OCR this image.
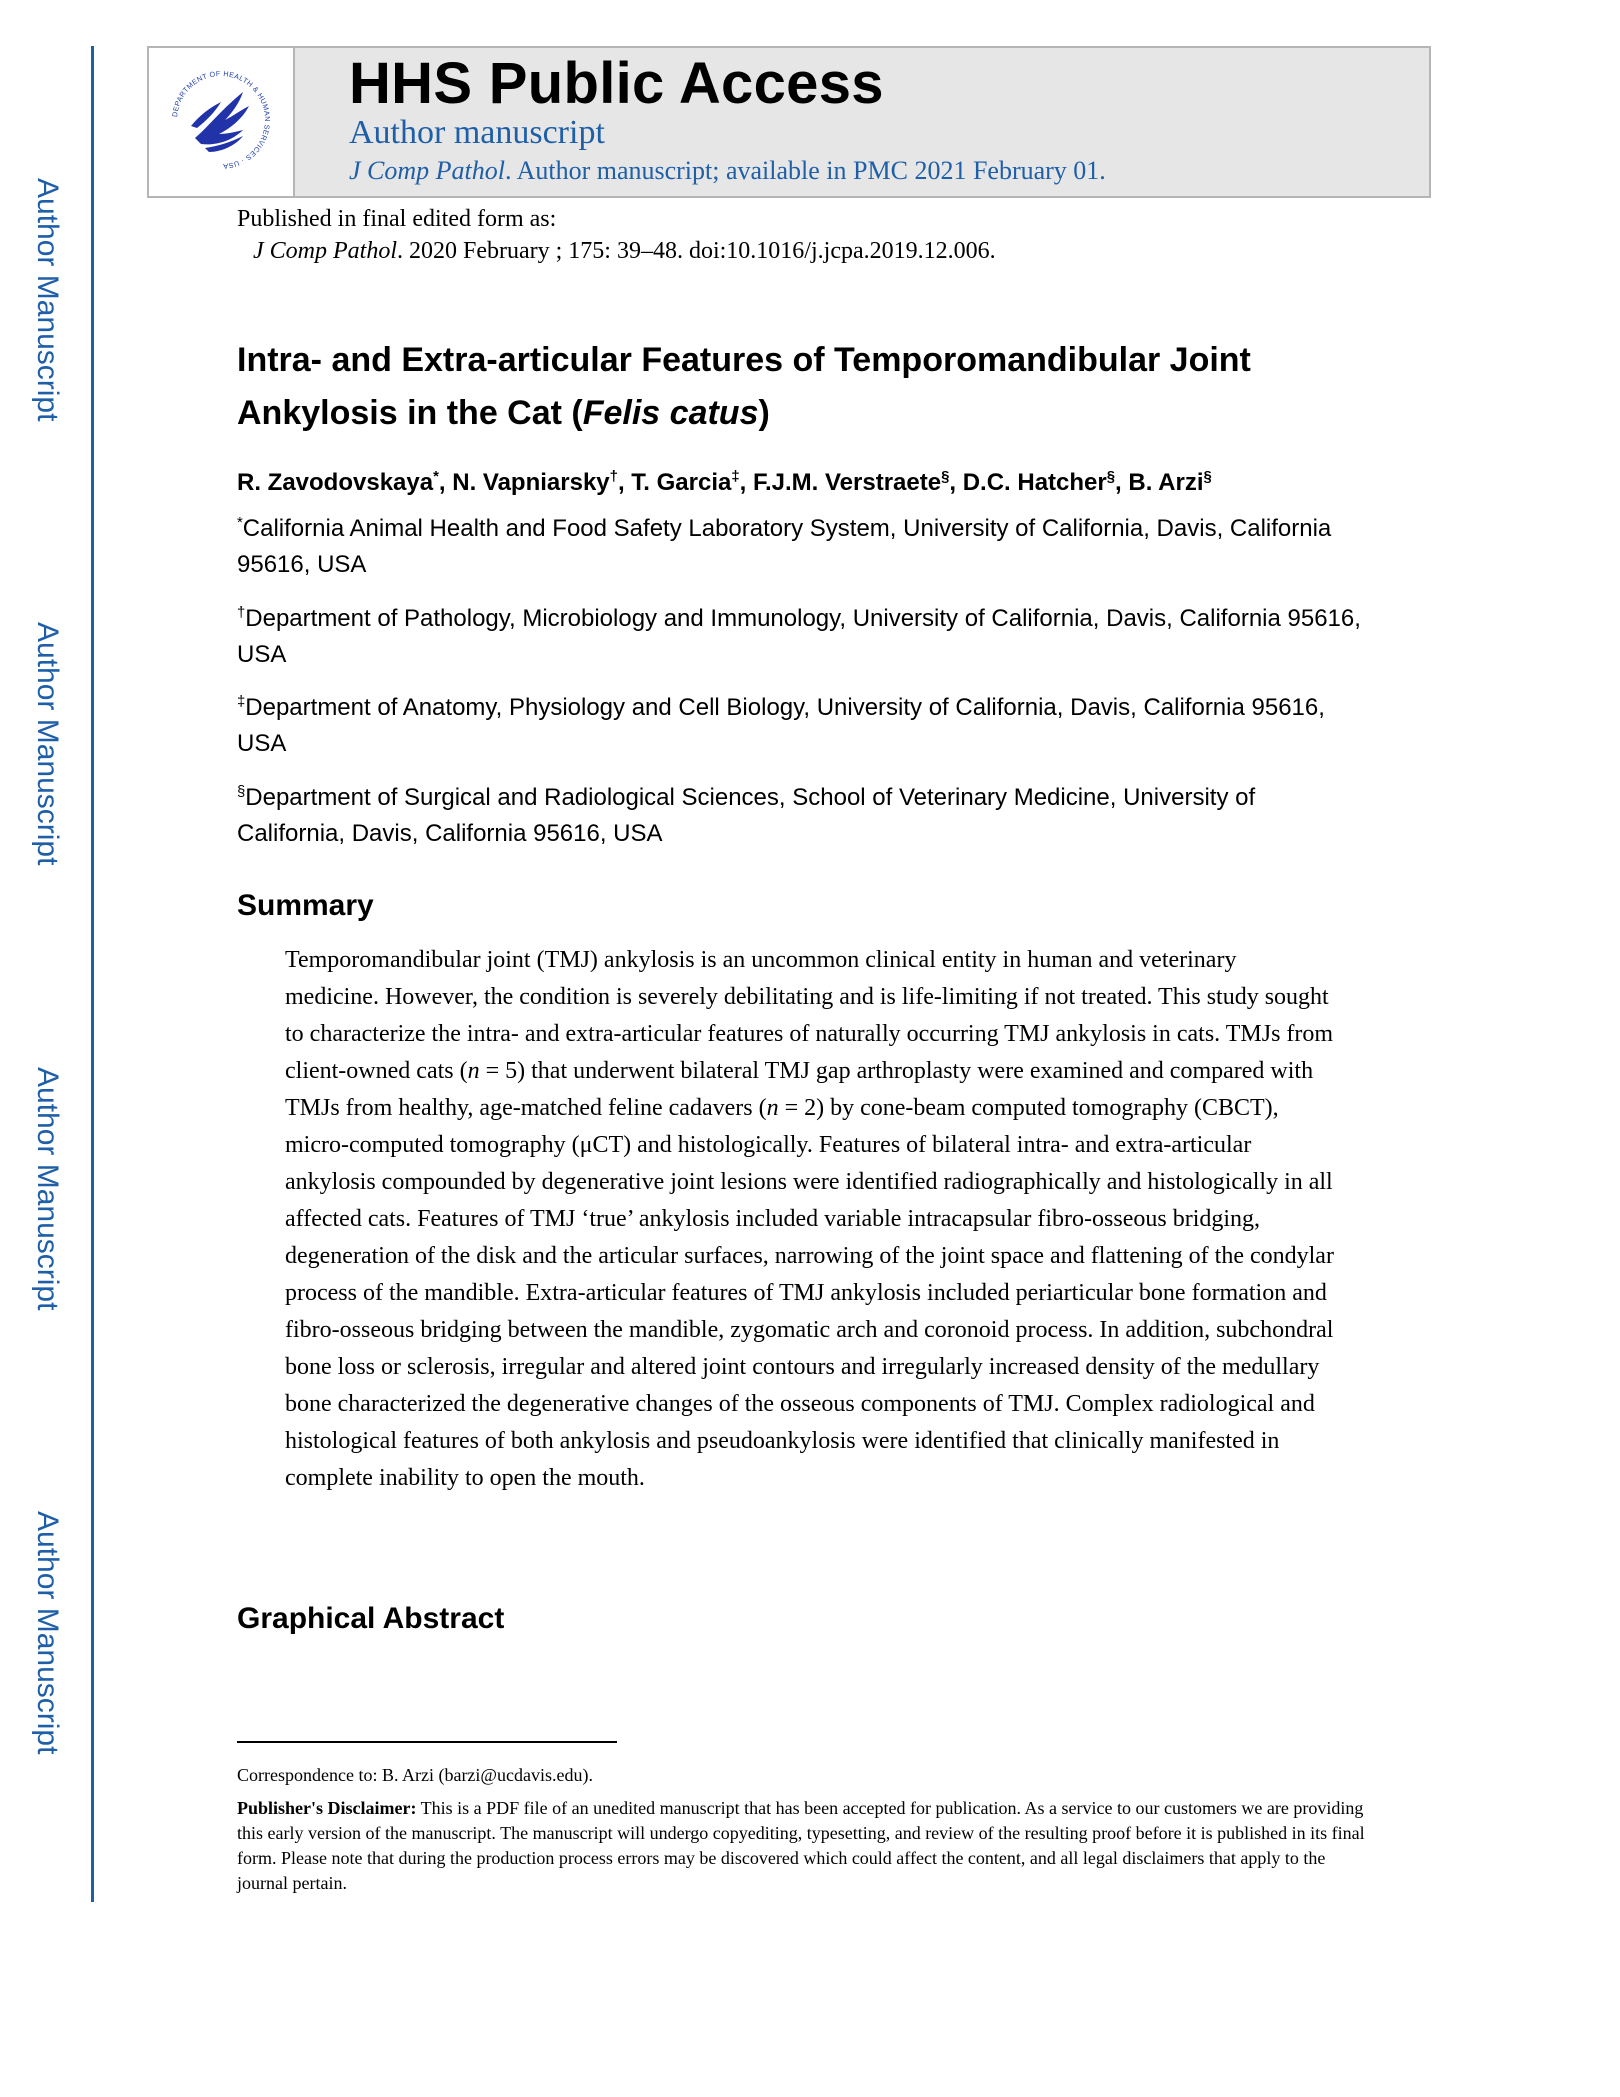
Author Manuscript
Author Manuscript
Author Manuscript
Author Manuscript
DEPARTMENT OF HEALTH & HUMAN SERVICES · USA
HHS Public Access
Author manuscript
J Comp Pathol. Author manuscript; available in PMC 2021 February 01.
Published in final edited form as:
J Comp Pathol. 2020 February ; 175: 39–48. doi:10.1016/j.jcpa.2019.12.006.
Intra- and Extra-articular Features of Temporomandibular Joint Ankylosis in the Cat (Felis catus)
R. Zavodovskaya*, N. Vapniarsky†, T. Garcia‡, F.J.M. Verstraete§, D.C. Hatcher§, B. Arzi§
*California Animal Health and Food Safety Laboratory System, University of California, Davis, California 95616, USA
†Department of Pathology, Microbiology and Immunology, University of California, Davis, California 95616, USA
‡Department of Anatomy, Physiology and Cell Biology, University of California, Davis, California 95616, USA
§Department of Surgical and Radiological Sciences, School of Veterinary Medicine, University of California, Davis, California 95616, USA
Summary
Temporomandibular joint (TMJ) ankylosis is an uncommon clinical entity in human and veterinary medicine. However, the condition is severely debilitating and is life-limiting if not treated. This study sought to characterize the intra- and extra-articular features of naturally occurring TMJ ankylosis in cats. TMJs from client-owned cats (n = 5) that underwent bilateral TMJ gap arthroplasty were examined and compared with TMJs from healthy, age-matched feline cadavers (n = 2) by cone-beam computed tomography (CBCT), micro-computed tomography (μCT) and histologically. Features of bilateral intra- and extra-articular ankylosis compounded by degenerative joint lesions were identified radiographically and histologically in all affected cats. Features of TMJ ‘true’ ankylosis included variable intracapsular fibro-osseous bridging, degeneration of the disk and the articular surfaces, narrowing of the joint space and flattening of the condylar process of the mandible. Extra-articular features of TMJ ankylosis included periarticular bone formation and fibro-osseous bridging between the mandible, zygomatic arch and coronoid process. In addition, subchondral bone loss or sclerosis, irregular and altered joint contours and irregularly increased density of the medullary bone characterized the degenerative changes of the osseous components of TMJ. Complex radiological and histological features of both ankylosis and pseudoankylosis were identified that clinically manifested in complete inability to open the mouth.
Graphical Abstract
Correspondence to: B. Arzi (barzi@ucdavis.edu).
Publisher's Disclaimer: This is a PDF file of an unedited manuscript that has been accepted for publication. As a service to our customers we are providing this early version of the manuscript. The manuscript will undergo copyediting, typesetting, and review of the resulting proof before it is published in its final form. Please note that during the production process errors may be discovered which could affect the content, and all legal disclaimers that apply to the journal pertain.
